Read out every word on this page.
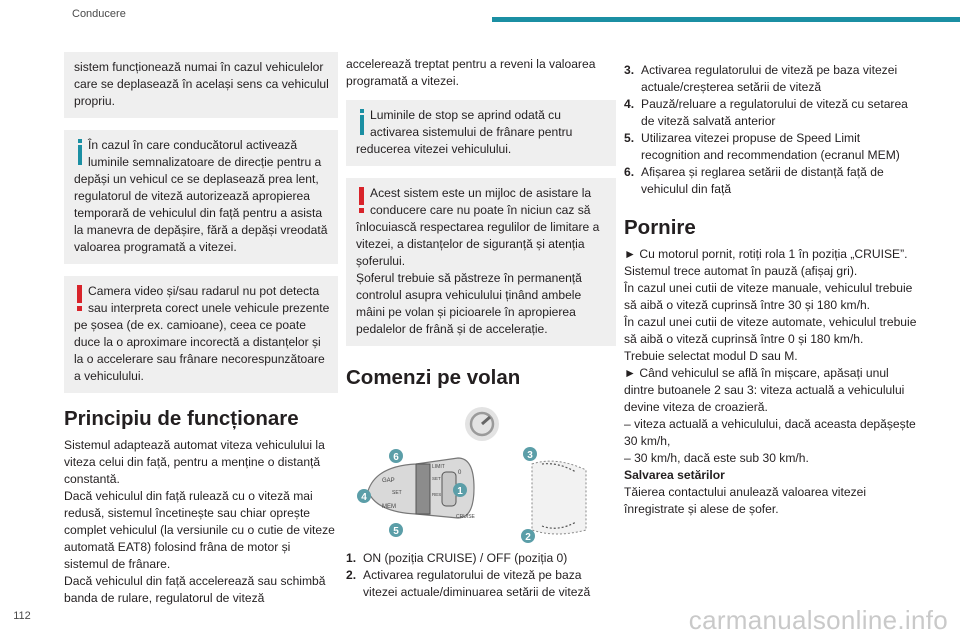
Conducere

sistem funcționează numai în cazul vehiculelor care se deplasează în același sens ca vehiculul propriu.

În cazul în care conducătorul activează luminile semnalizatoare de direcție pentru a depăși un vehicul ce se deplasează prea lent, regulatorul de viteză autorizează apropierea temporară de vehiculul din față pentru a asista la manevra de depășire, fără a depăși vreodată valoarea programată a vitezei.

Camera video și/sau radarul nu pot detecta sau interpreta corect unele vehicule prezente pe șosea (de ex. camioane), ceea ce poate duce la o aproximare incorectă a distanțelor și la o accelerare sau frânare necorespunzătoare a vehiculului.

Principiu de funcționare

Sistemul adaptează automat viteza vehiculului la viteza celui din față, pentru a menține o distanță constantă.

Dacă vehiculul din față rulează cu o viteză mai redusă, sistemul încetinește sau chiar oprește complet vehiculul (la versiunile cu o cutie de viteze automată EAT8) folosind frâna de motor și sistemul de frânare.

Dacă vehiculul din față accelerează sau schimbă banda de rulare, regulatorul de viteză

accelerează treptat pentru a reveni la valoarea programată a vitezei.

Luminile de stop se aprind odată cu activarea sistemului de frânare pentru reducerea vitezei vehiculului.

Acest sistem este un mijloc de asistare la conducere care nu poate în niciun caz să înlocuiască respectarea regulilor de limitare a vitezei, a distanțelor de siguranță și atenția șoferului.

Șoferul trebuie să păstreze în permanență controlul asupra vehiculului ținând ambele mâini pe volan și picioarele în apropierea pedalelor de frână și de accelerație.

Comenzi pe volan
GAP
SET
LIMIT
0
CRUISE
MEM
RES
SET
6
4
5
1
3
2
1. ON (poziția CRUISE) / OFF (poziția 0)
2. Activarea regulatorului de viteză pe baza vitezei actuale/diminuarea setării de viteză
3. Activarea regulatorului de viteză pe baza vitezei actuale/creșterea setării de viteză
4. Pauză/reluare a regulatorului de viteză cu setarea de viteză salvată anterior
5. Utilizarea vitezei propuse de Speed Limit recognition and recommendation (ecranul MEM)
6. Afișarea și reglarea setării de distanță față de vehiculul din față
Pornire

► Cu motorul pornit, rotiți rola 1 în poziția „CRUISE”. Sistemul trece automat în pauză (afișaj gri).

În cazul unei cutii de viteze manuale, vehiculul trebuie să aibă o viteză cuprinsă între 30 și 180 km/h.

În cazul unei cutii de viteze automate, vehiculul trebuie să aibă o viteză cuprinsă între 0 și 180 km/h.

Trebuie selectat modul D sau M.

► Când vehiculul se află în mișcare, apăsați unul dintre butoanele 2 sau 3: viteza actuală a vehiculului devine viteza de croazieră.

– viteza actuală a vehiculului, dacă aceasta depășește 30 km/h,

– 30 km/h, dacă este sub 30 km/h.

Salvarea setărilor

Tăierea contactului anulează valoarea vitezei înregistrate și alese de șofer.

112	carmanualsonline.info
